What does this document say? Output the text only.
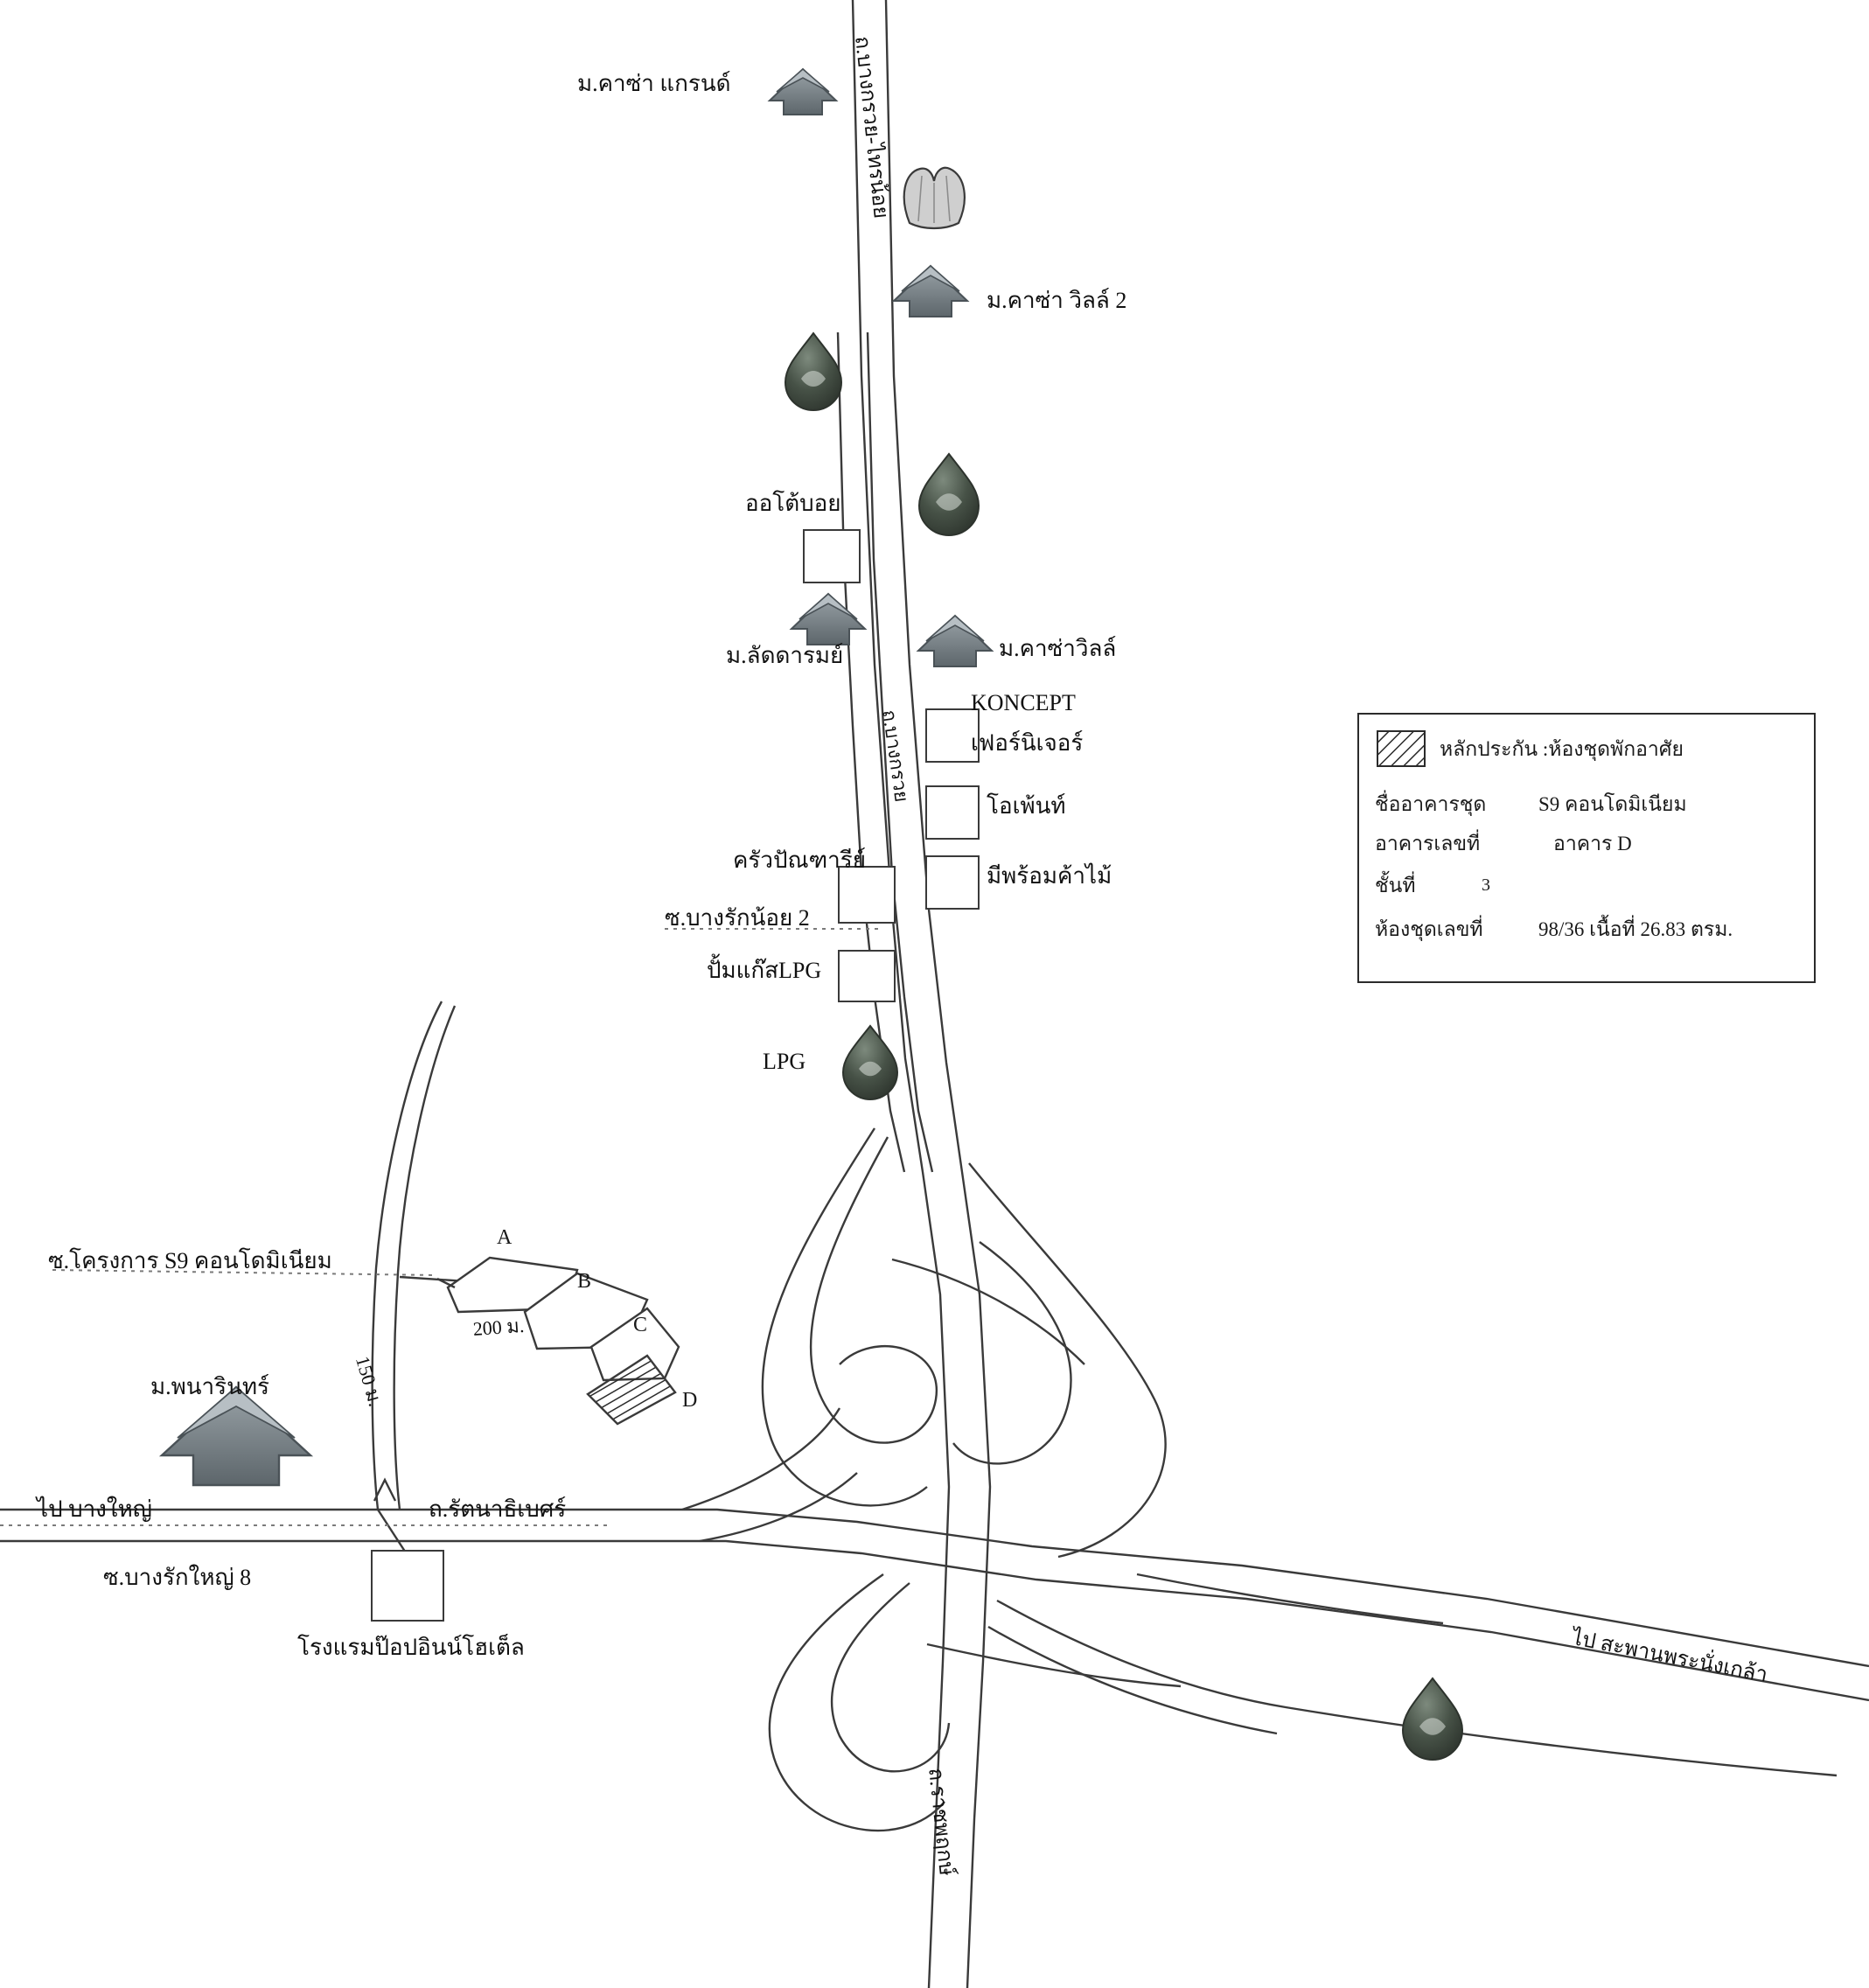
ม.คาซ่า แกรนด์
ม.คาซ่า วิลล์ 2
ออโต้บอย
ม.ลัดดารมย์	ม.คาซ่าวิลล์
KONCEPT
เฟอร์นิเจอร์
โอเพ้นท์
มีพร้อมค้าไม้
ครัวปัณฑารีย์
ปั้มแก๊สLPG
LPG
ม.พนารินทร์
โรงแรมป๊อปอินน์โฮเต็ล
ซ.บางรักน้อย 2
ซ.โครงการ S9 คอนโดมิเนียม
ซ.บางรักใหญ่ 8
ถ.รัตนาธิเบศร์
ไป บางใหญ่
ไป สะพานพระนั่งเกล้า
ถ.บางกรวย-ไทรน้อย
ถ.บางกรวย
ถ.ราชพฤกษ์
A
B
C
D
200 ม.
150 ม.
หลักประกัน :ห้องชุดพักอาศัย
ชื่ออาคารชุด	S9 คอนโดมิเนียม
อาคารเลขที่	อาคาร D
ชั้นที่	3
ห้องชุดเลขที่	98/36 เนื้อที่ 26.83 ตรม.
